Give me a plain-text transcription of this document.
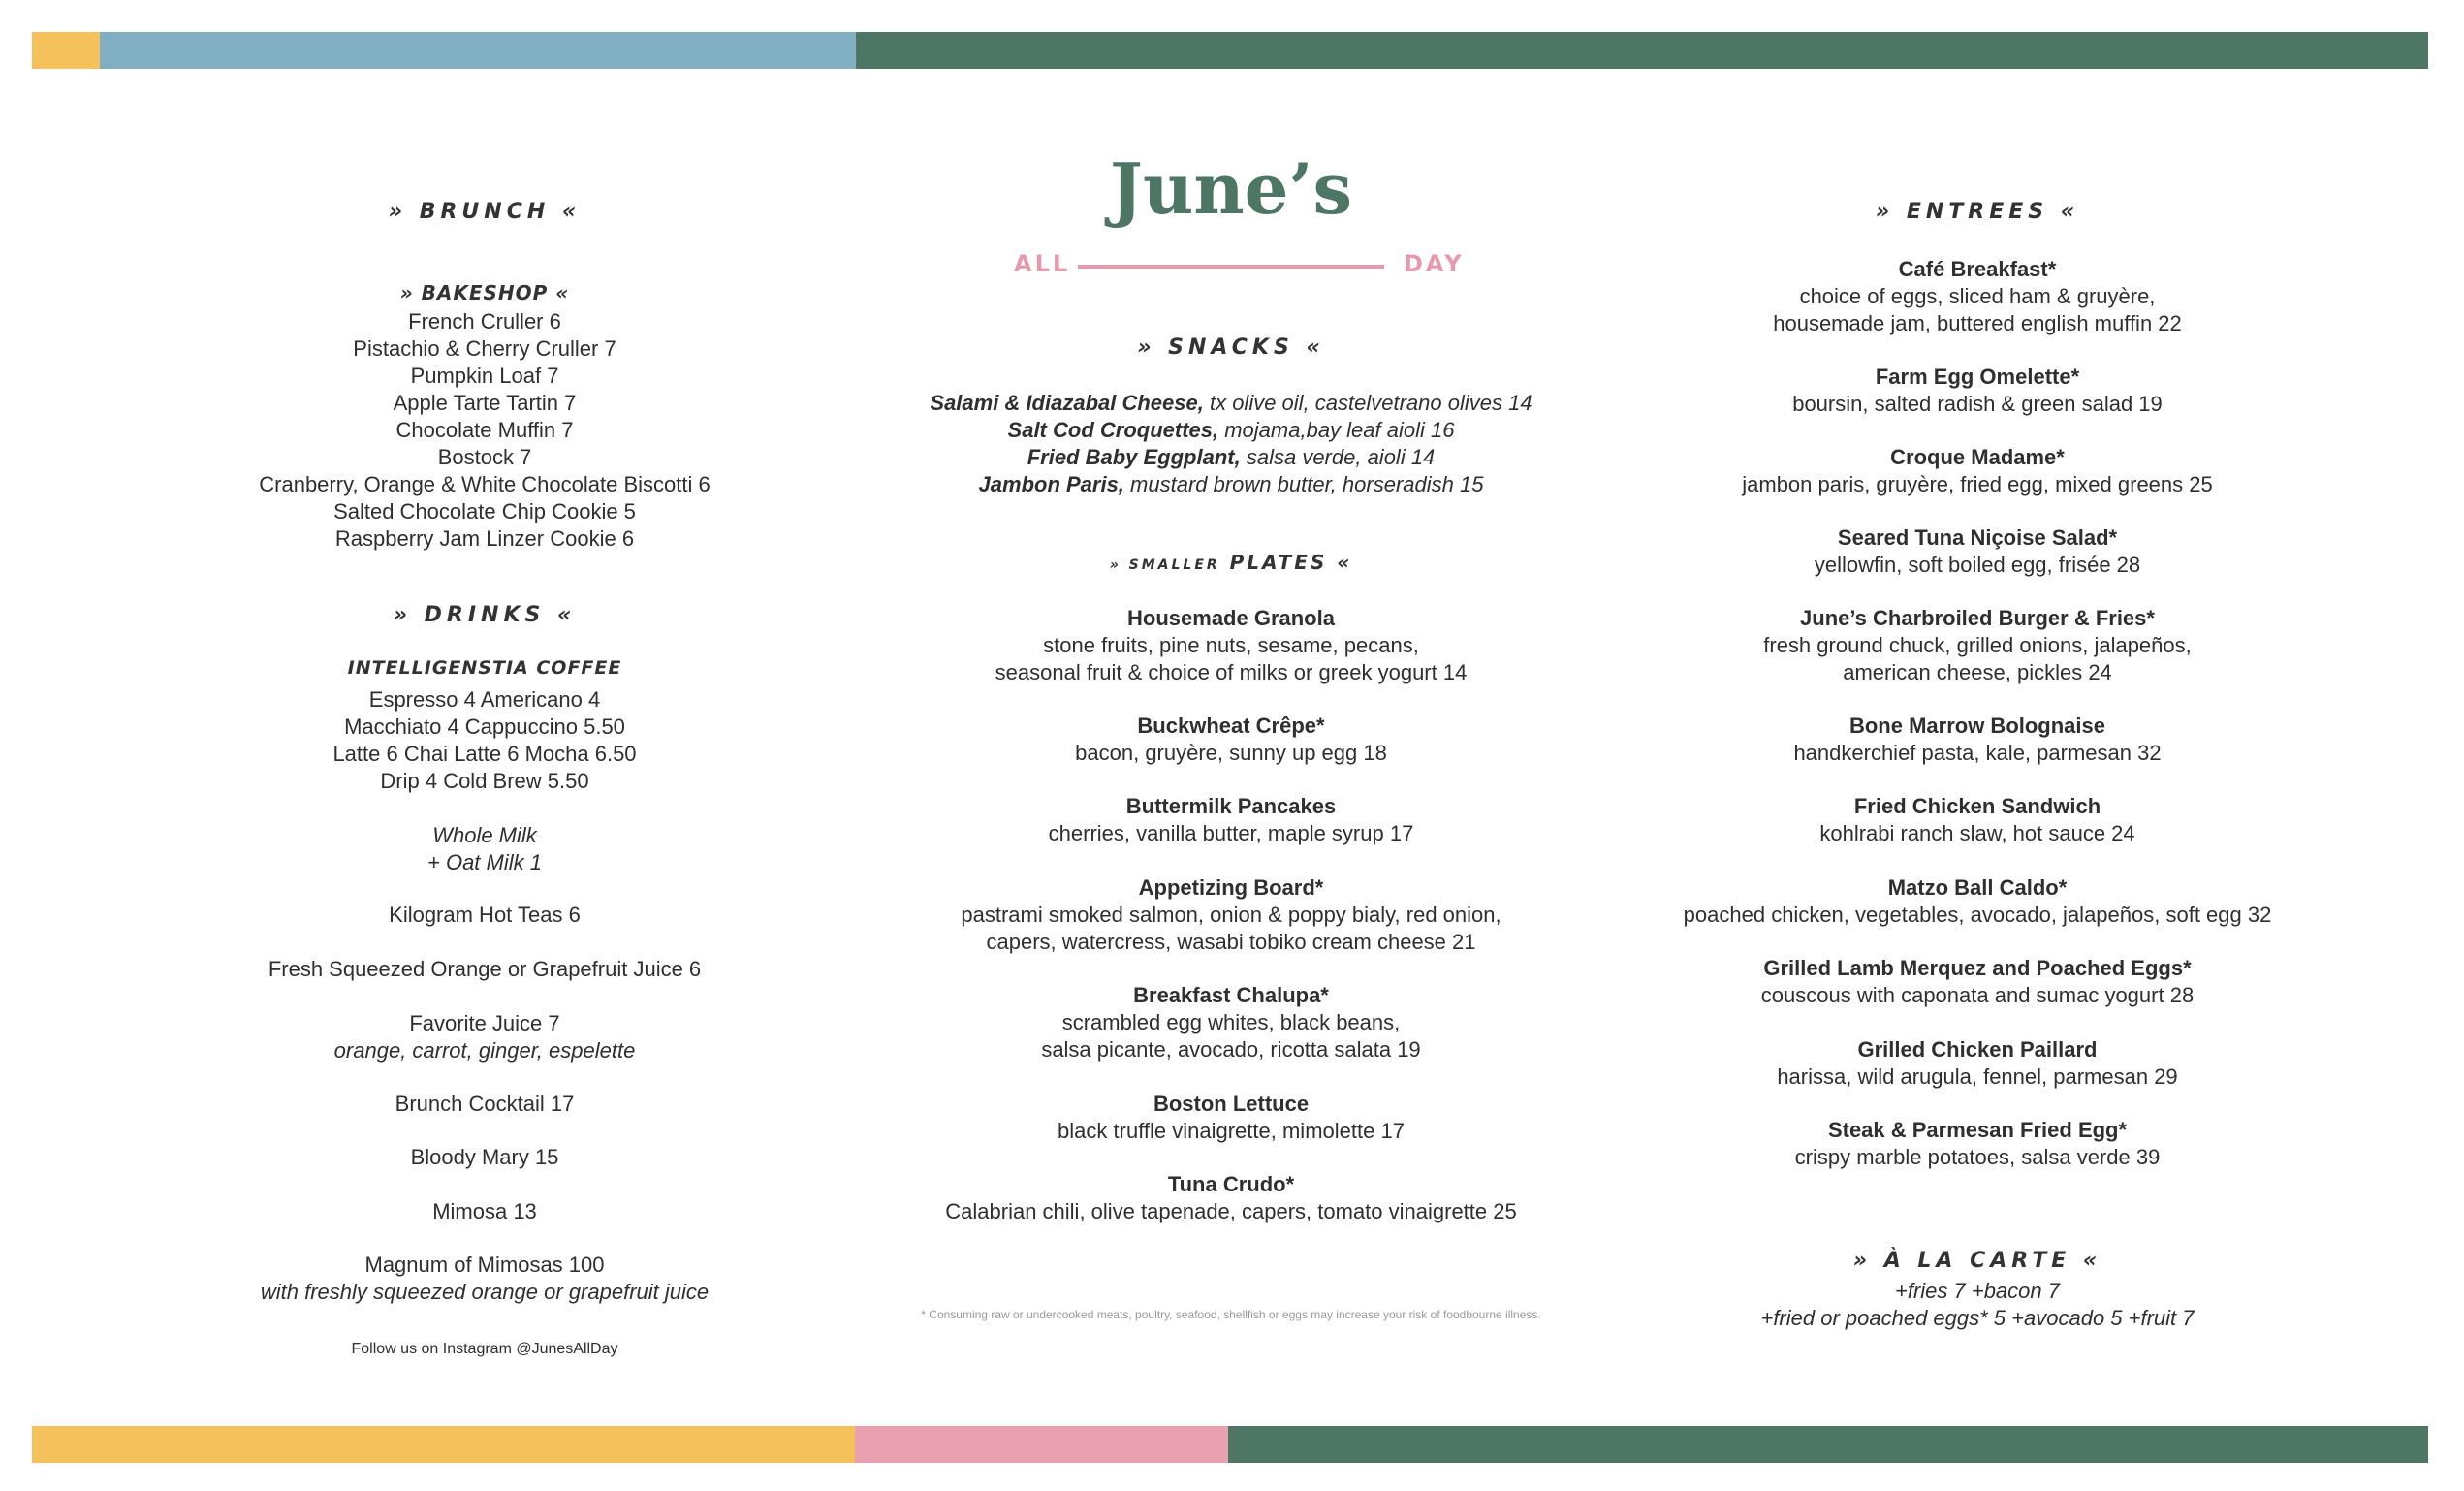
June’s
ALL	DAY
» BRUNCH «
» BAKESHOP «
French Cruller 6
Pistachio & Cherry Cruller 7
Pumpkin Loaf 7
Apple Tarte Tartin 7
Chocolate Muffin 7
Bostock 7
Cranberry, Orange & White Chocolate Biscotti 6
Salted Chocolate Chip Cookie 5
Raspberry Jam Linzer Cookie 6
» DRINKS «
INTELLIGENSTIA COFFEE
Espresso 4 Americano 4
Macchiato 4 Cappuccino 5.50
Latte 6 Chai Latte 6 Mocha 6.50
Drip 4 Cold Brew 5.50
Whole Milk
+ Oat Milk 1
Kilogram Hot Teas 6
Fresh Squeezed Orange or Grapefruit Juice 6
Favorite Juice 7
orange, carrot, ginger, espelette
Brunch Cocktail 17
Bloody Mary 15
Mimosa 13
Magnum of Mimosas 100
with freshly squeezed orange or grapefruit juice
Follow us on Instagram @JunesAllDay
» SNACKS «
Salami & Idiazabal Cheese, tx olive oil, castelvetrano olives 14
Salt Cod Croquettes, mojama,bay leaf aioli 16
Fried Baby Eggplant, salsa verde, aioli 14
Jambon Paris, mustard brown butter, horseradish 15
» SMALLER PLATES «
Housemade Granola
stone fruits, pine nuts, sesame, pecans,
seasonal fruit & choice of milks or greek yogurt 14
Buckwheat Crêpe*
bacon, gruyère, sunny up egg 18
Buttermilk Pancakes
cherries, vanilla butter, maple syrup 17
Appetizing Board*
pastrami smoked salmon, onion & poppy bialy, red onion,
capers, watercress, wasabi tobiko cream cheese 21
Breakfast Chalupa*
scrambled egg whites, black beans,
salsa picante, avocado, ricotta salata 19
Boston Lettuce
black truffle vinaigrette, mimolette 17
Tuna Crudo*
Calabrian chili, olive tapenade, capers, tomato vinaigrette 25
* Consuming raw or undercooked meats, poultry, seafood, shellfish or eggs may increase your risk of foodbourne illness.
» ENTREES «
Café Breakfast*
choice of eggs, sliced ham & gruyère,
housemade jam, buttered english muffin 22
Farm Egg Omelette*
boursin, salted radish & green salad 19
Croque Madame*
jambon paris, gruyère, fried egg, mixed greens 25
Seared Tuna Niçoise Salad*
yellowfin, soft boiled egg, frisée 28
June’s Charbroiled Burger & Fries*
fresh ground chuck, grilled onions, jalapeños,
american cheese, pickles 24
Bone Marrow Bolognaise
handkerchief pasta, kale, parmesan 32
Fried Chicken Sandwich
kohlrabi ranch slaw, hot sauce 24
Matzo Ball Caldo*
poached chicken, vegetables, avocado, jalapeños, soft egg 32
Grilled Lamb Merquez and Poached Eggs*
couscous with caponata and sumac yogurt 28
Grilled Chicken Paillard
harissa, wild arugula, fennel, parmesan 29
Steak & Parmesan Fried Egg*
crispy marble potatoes, salsa verde 39
» À LA CARTE «
+fries 7 +bacon 7
+fried or poached eggs* 5 +avocado 5 +fruit 7
